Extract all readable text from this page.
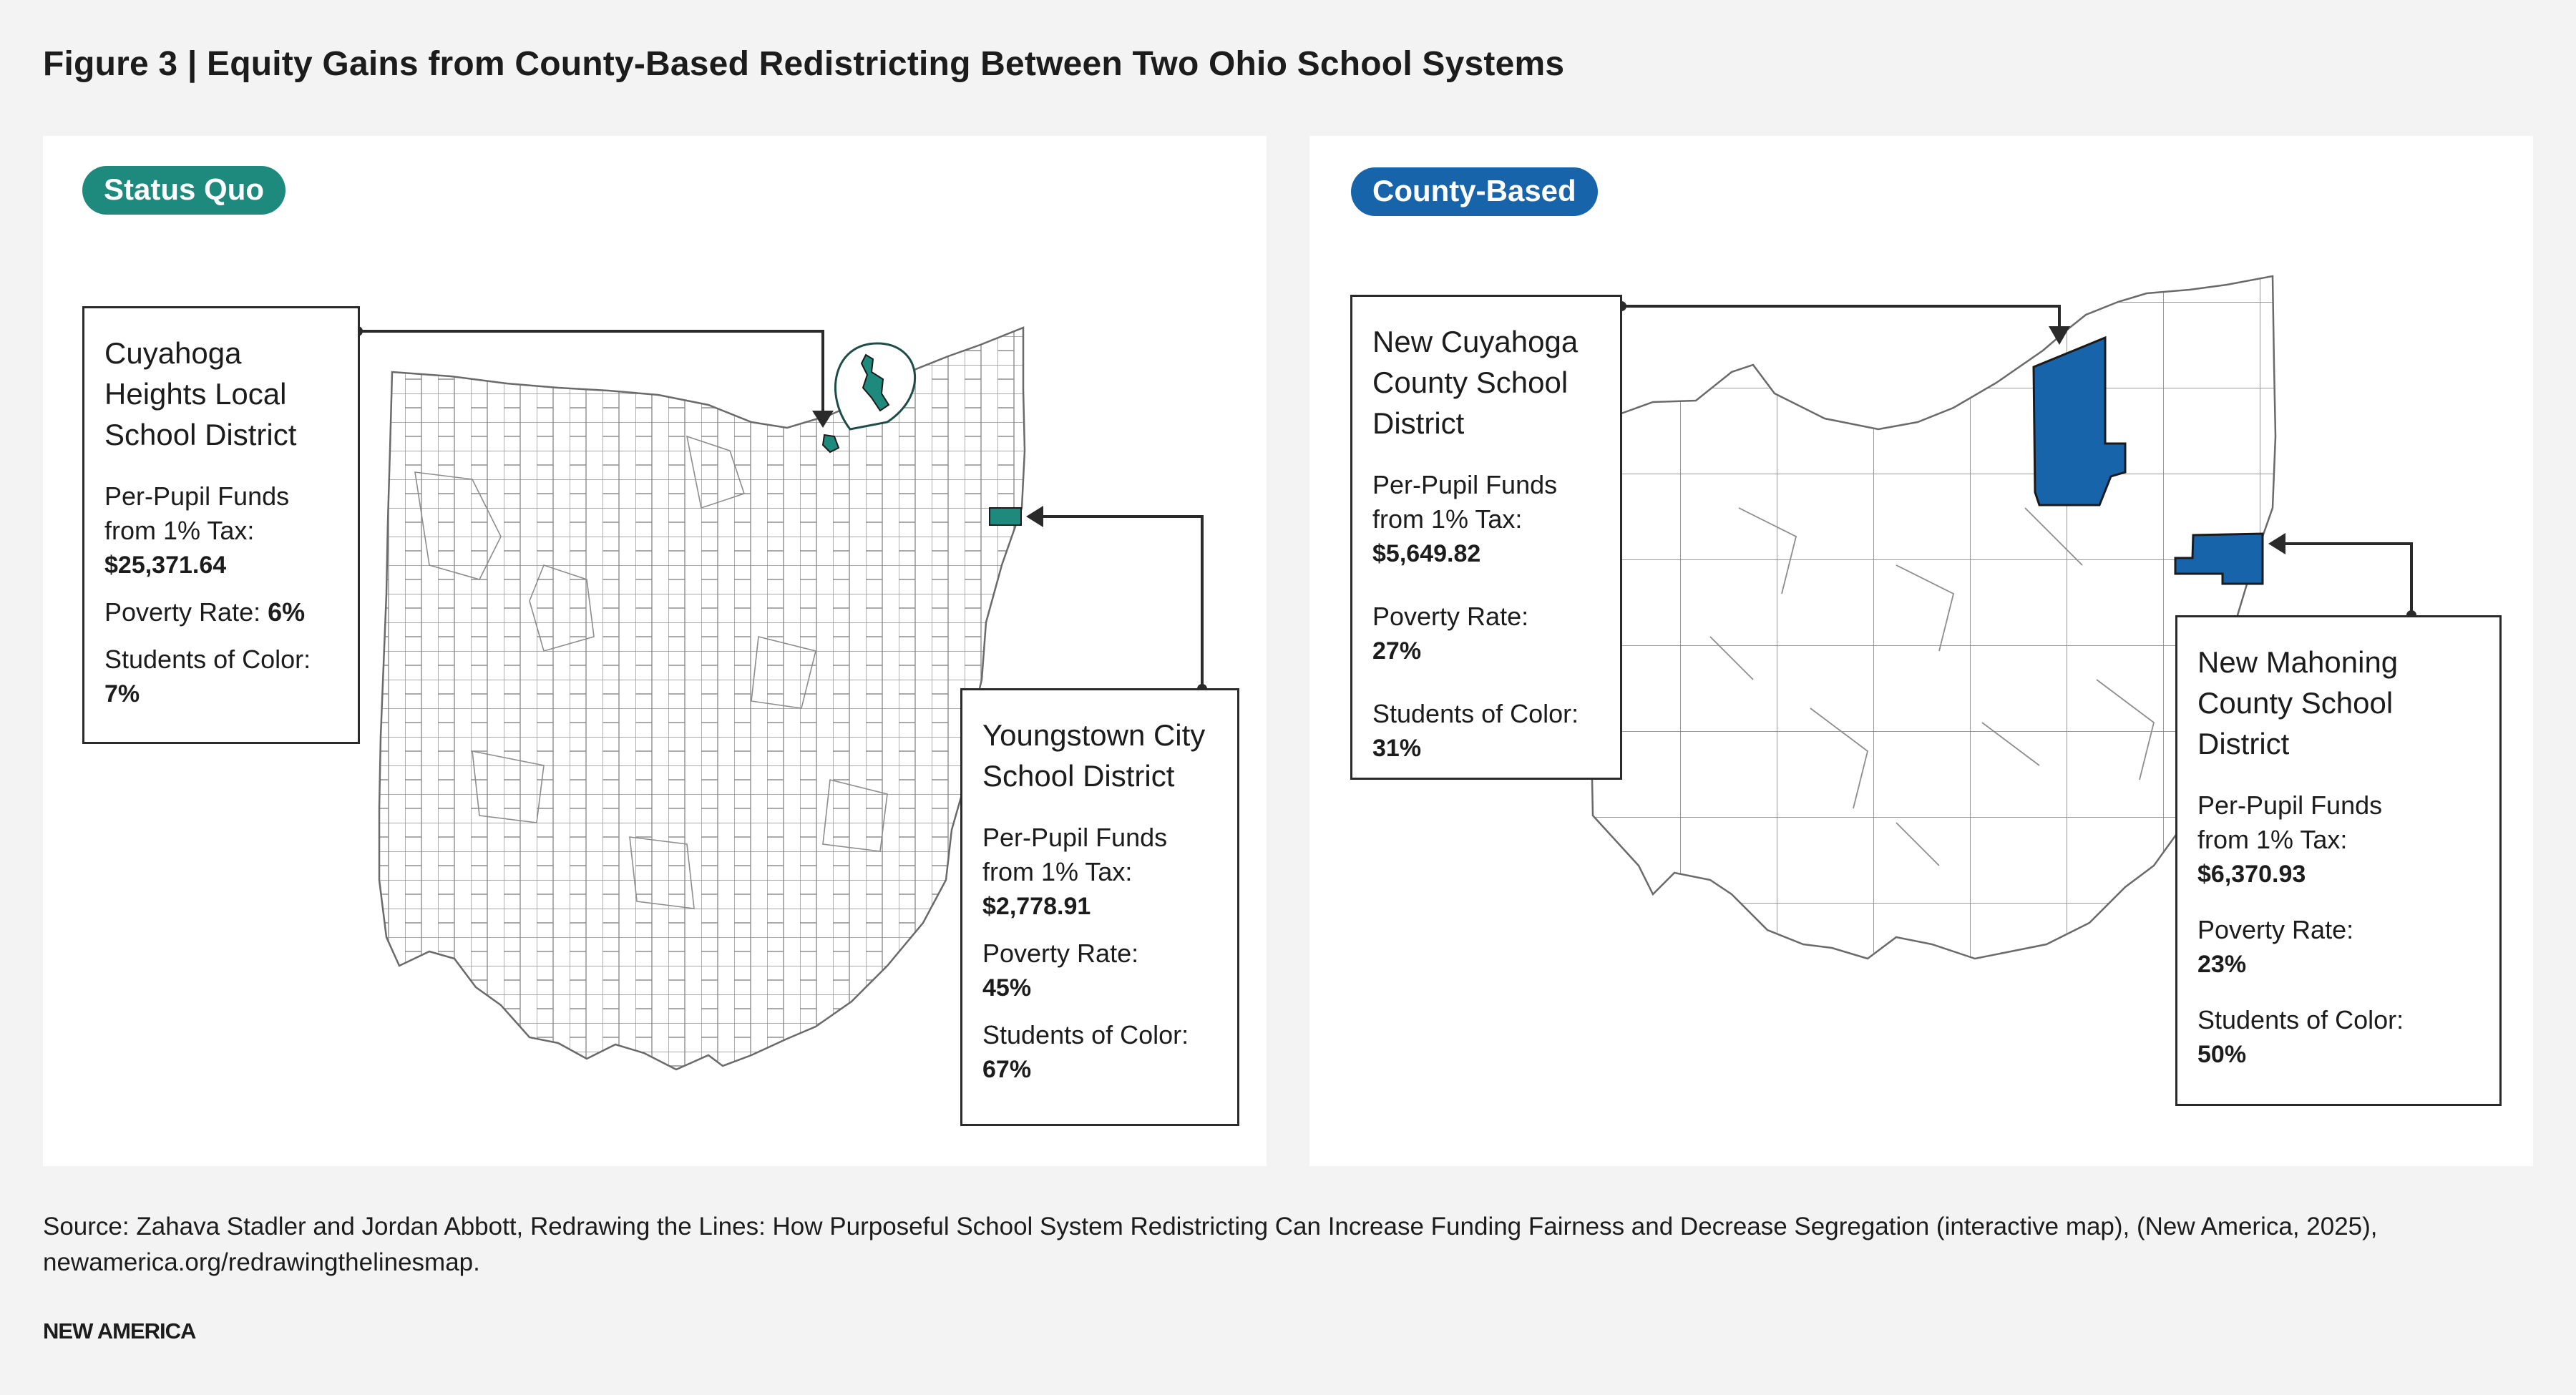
Figure 3 | Equity Gains from County-Based Redistricting Between Two Ohio School Systems
Status Quo
Cuyahoga
Heights Local
School District
Per-Pupil Funds
from 1% Tax:
$25,371.64
Poverty Rate: 6%
Students of Color:
7%
Youngstown City
School District
Per-Pupil Funds
from 1% Tax:
$2,778.91
Poverty Rate:
45%
Students of Color:
67%
County-Based
New Cuyahoga
County School
District
Per-Pupil Funds
from 1% Tax:
$5,649.82
Poverty Rate:
27%
Students of Color:
31%
New Mahoning
County School
District
Per-Pupil Funds
from 1% Tax:
$6,370.93
Poverty Rate:
23%
Students of Color:
50%
Source: Zahava Stadler and Jordan Abbott, Redrawing the Lines: How Purposeful School System Redistricting Can Increase Funding Fairness and Decrease Segregation (interactive map), (New America, 2025), newamerica.org/redrawingthelinesmap.
NEW AMERICA
